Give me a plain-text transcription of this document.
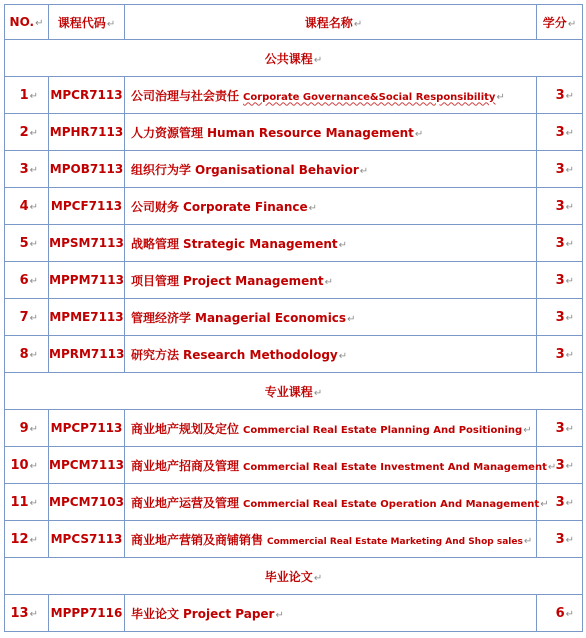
NO.↵	课程代码↵	课程名称↵	学分↵
公共课程↵			
1↵	MPCR7113	公司治理与社会责任 Corporate Governance&Social Responsibility↵	3↵
2↵	MPHR7113	人力资源管理 Human Resource Management↵	3↵
3↵	MPOB7113	组织行为学 Organisational Behavior↵	3↵
4↵	MPCF7113	公司财务 Corporate Finance↵	3↵
5↵	MPSM7113	战略管理 Strategic Management↵	3↵
6↵	MPPM7113	项目管理 Project Management↵	3↵
7↵	MPME7113	管理经济学 Managerial Economics↵	3↵
8↵	MPRM7113	研究方法 Research Methodology↵	3↵
专业课程↵			
9↵	MPCP7113	商业地产规划及定位 Commercial Real Estate Planning And Positioning↵	3↵
10↵	MPCM7113	商业地产招商及管理 Commercial Real Estate Investment And Management↵	3↵
11↵	MPCM7103	商业地产运营及管理 Commercial Real Estate Operation And Management↵	3↵
12↵	MPCS7113	商业地产营销及商铺销售 Commercial Real Estate Marketing And Shop sales↵	3↵
毕业论文↵			
13↵	MPPP7116	毕业论文 Project Paper↵	6↵
